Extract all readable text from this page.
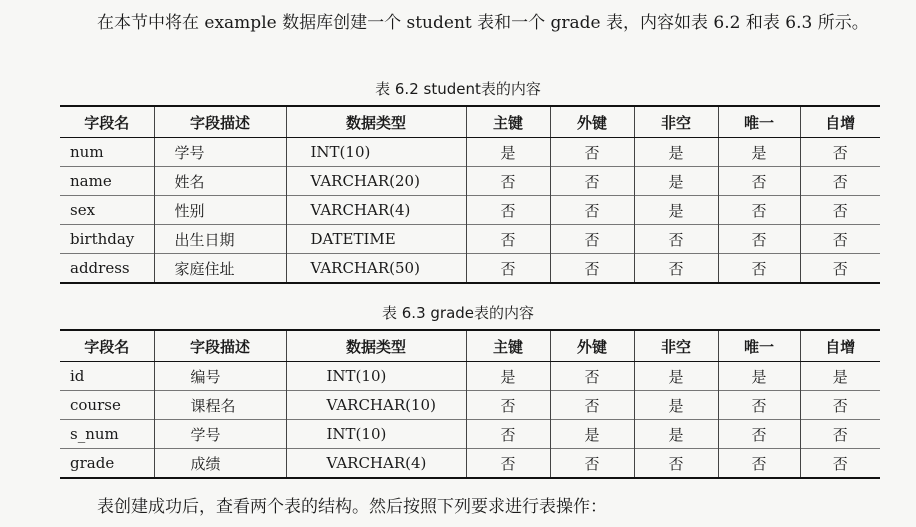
在本节中将在 example 数据库创建一个 student 表和一个 grade 表，内容如表 6.2 和表 6.3 所示。
表 6.2 student表的内容
字段名	字段描述	数据类型	主键	外键	非空	唯一	自增
num	学号	INT(10)	是	否	是	是	否
name	姓名	VARCHAR(20)	否	否	是	否	否
sex	性别	VARCHAR(4)	否	否	是	否	否
birthday	出生日期	DATETIME	否	否	否	否	否
address	家庭住址	VARCHAR(50)	否	否	否	否	否
表 6.3 grade表的内容
字段名	字段描述	数据类型	主键	外键	非空	唯一	自增
id	编号	INT(10)	是	否	是	是	是
course	课程名	VARCHAR(10)	否	否	是	否	否
s_num	学号	INT(10)	否	是	是	否	否
grade	成绩	VARCHAR(4)	否	否	否	否	否
表创建成功后，查看两个表的结构。然后按照下列要求进行表操作：
